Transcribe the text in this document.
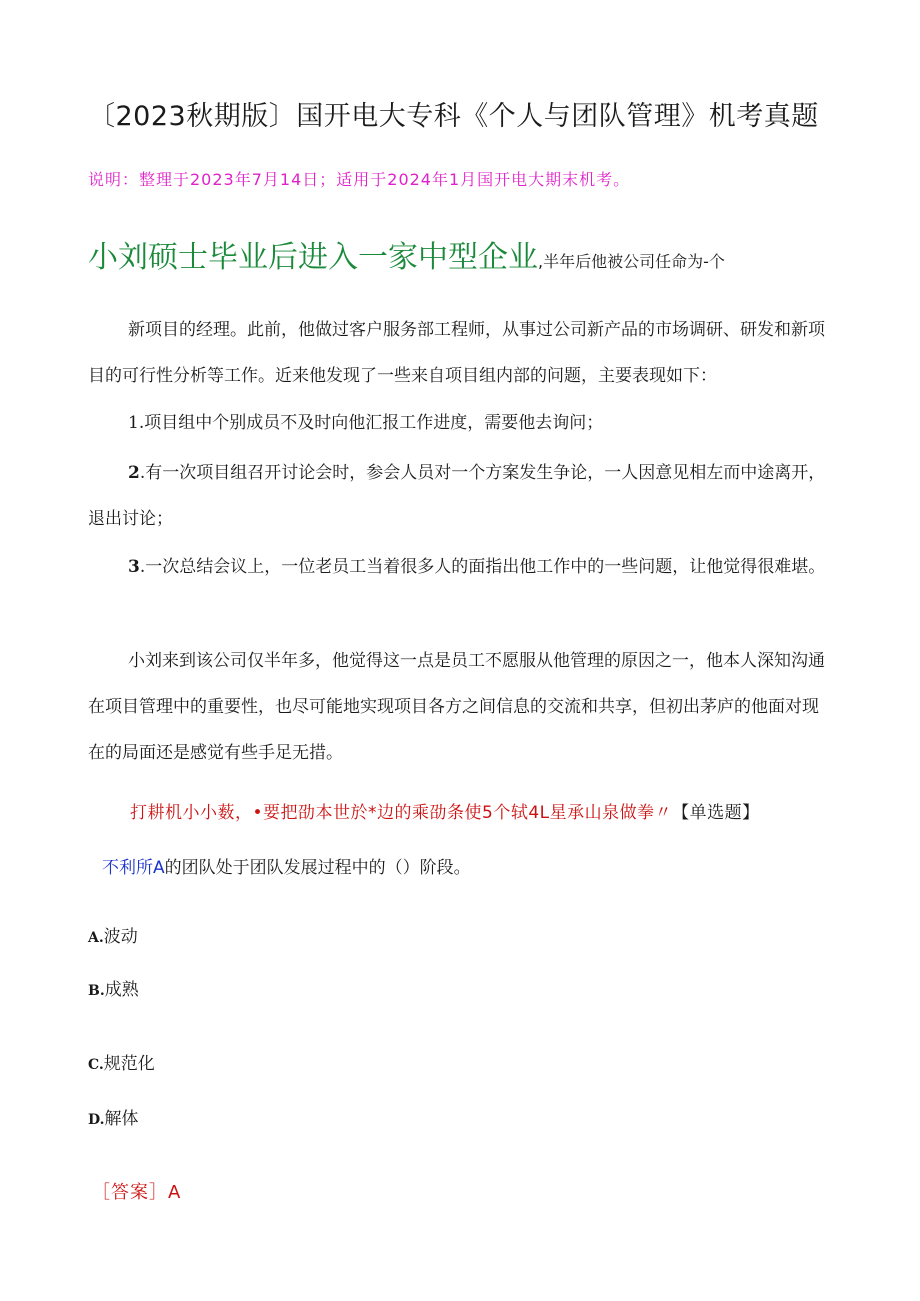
〔2023秋期版〕国开电大专科《个人与团队管理》机考真题
说明：整理于2023年7月14日；适用于2024年1月国开电大期末机考。
小刘硕士毕业后进入一家中型企业,半年后他被公司任命为-个
新项目的经理。此前，他做过客户服务部工程师，从事过公司新产品的市场调研、研发和新项目的可行性分析等工作。近来他发现了一些来自项目组内部的问题，主要表现如下：
1.项目组中个别成员不及时向他汇报工作进度，需要他去询问；
2.有一次项目组召开讨论会时，参会人员对一个方案发生争论，一人因意见相左而中途离开，退出讨论；
3.一次总结会议上，一位老员工当着很多人的面指出他工作中的一些问题，让他觉得很难堪。
小刘来到该公司仅半年多，他觉得这一点是员工不愿服从他管理的原因之一，他本人深知沟通在项目管理中的重要性，也尽可能地实现项目各方之间信息的交流和共享，但初出茅庐的他面对现在的局面还是感觉有些手足无措。
打耕机小小薮，•要把劭本世於*边的乘劭条使5个轼4L星承山泉做拳〃【单选题】
不利所A的团队处于团队发展过程中的（）阶段。
A.波动
B.成熟
C.规范化
D.解体
［答案］A
